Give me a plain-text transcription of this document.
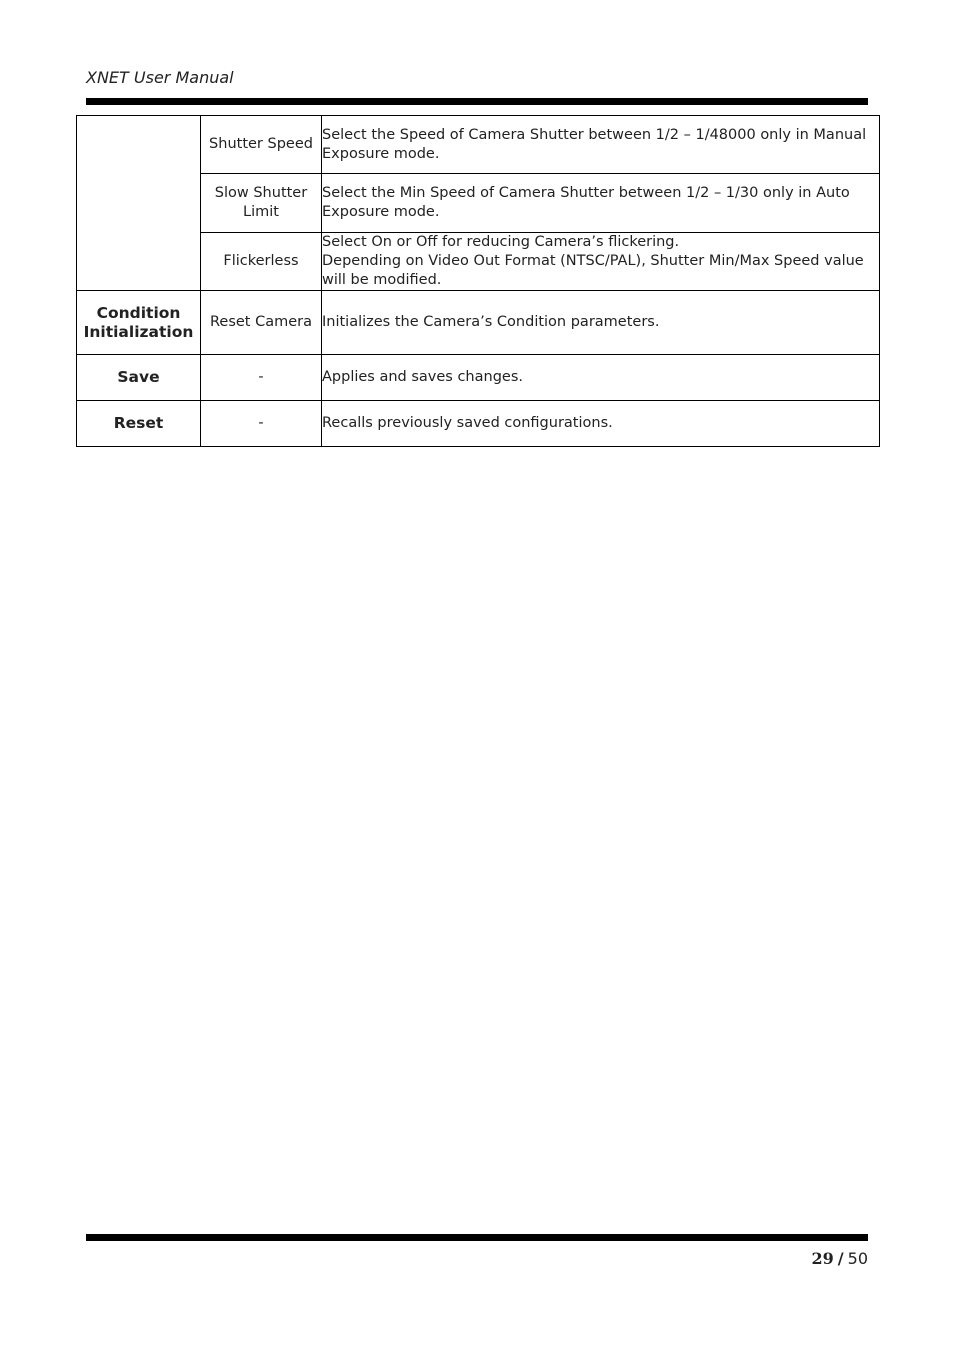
XNET User Manual
	Shutter Speed	Select the Speed of Camera Shutter between 1/2 – 1/48000 only in Manual Exposure mode.

	Slow Shutter Limit	Select the Min Speed of Camera Shutter between 1/2 – 1/30 only in Auto Exposure mode.

	Flickerless	Select On or Off for reducing Camera’s flickering.
Depending on Video Out Format (NTSC/PAL), Shutter Min/Max Speed value will be modified.

Condition Initialization	Reset Camera	Initializes the Camera’s Condition parameters.

Save	-	Applies and saves changes.

Reset	-	Recalls previously saved configurations.
29 / 50
